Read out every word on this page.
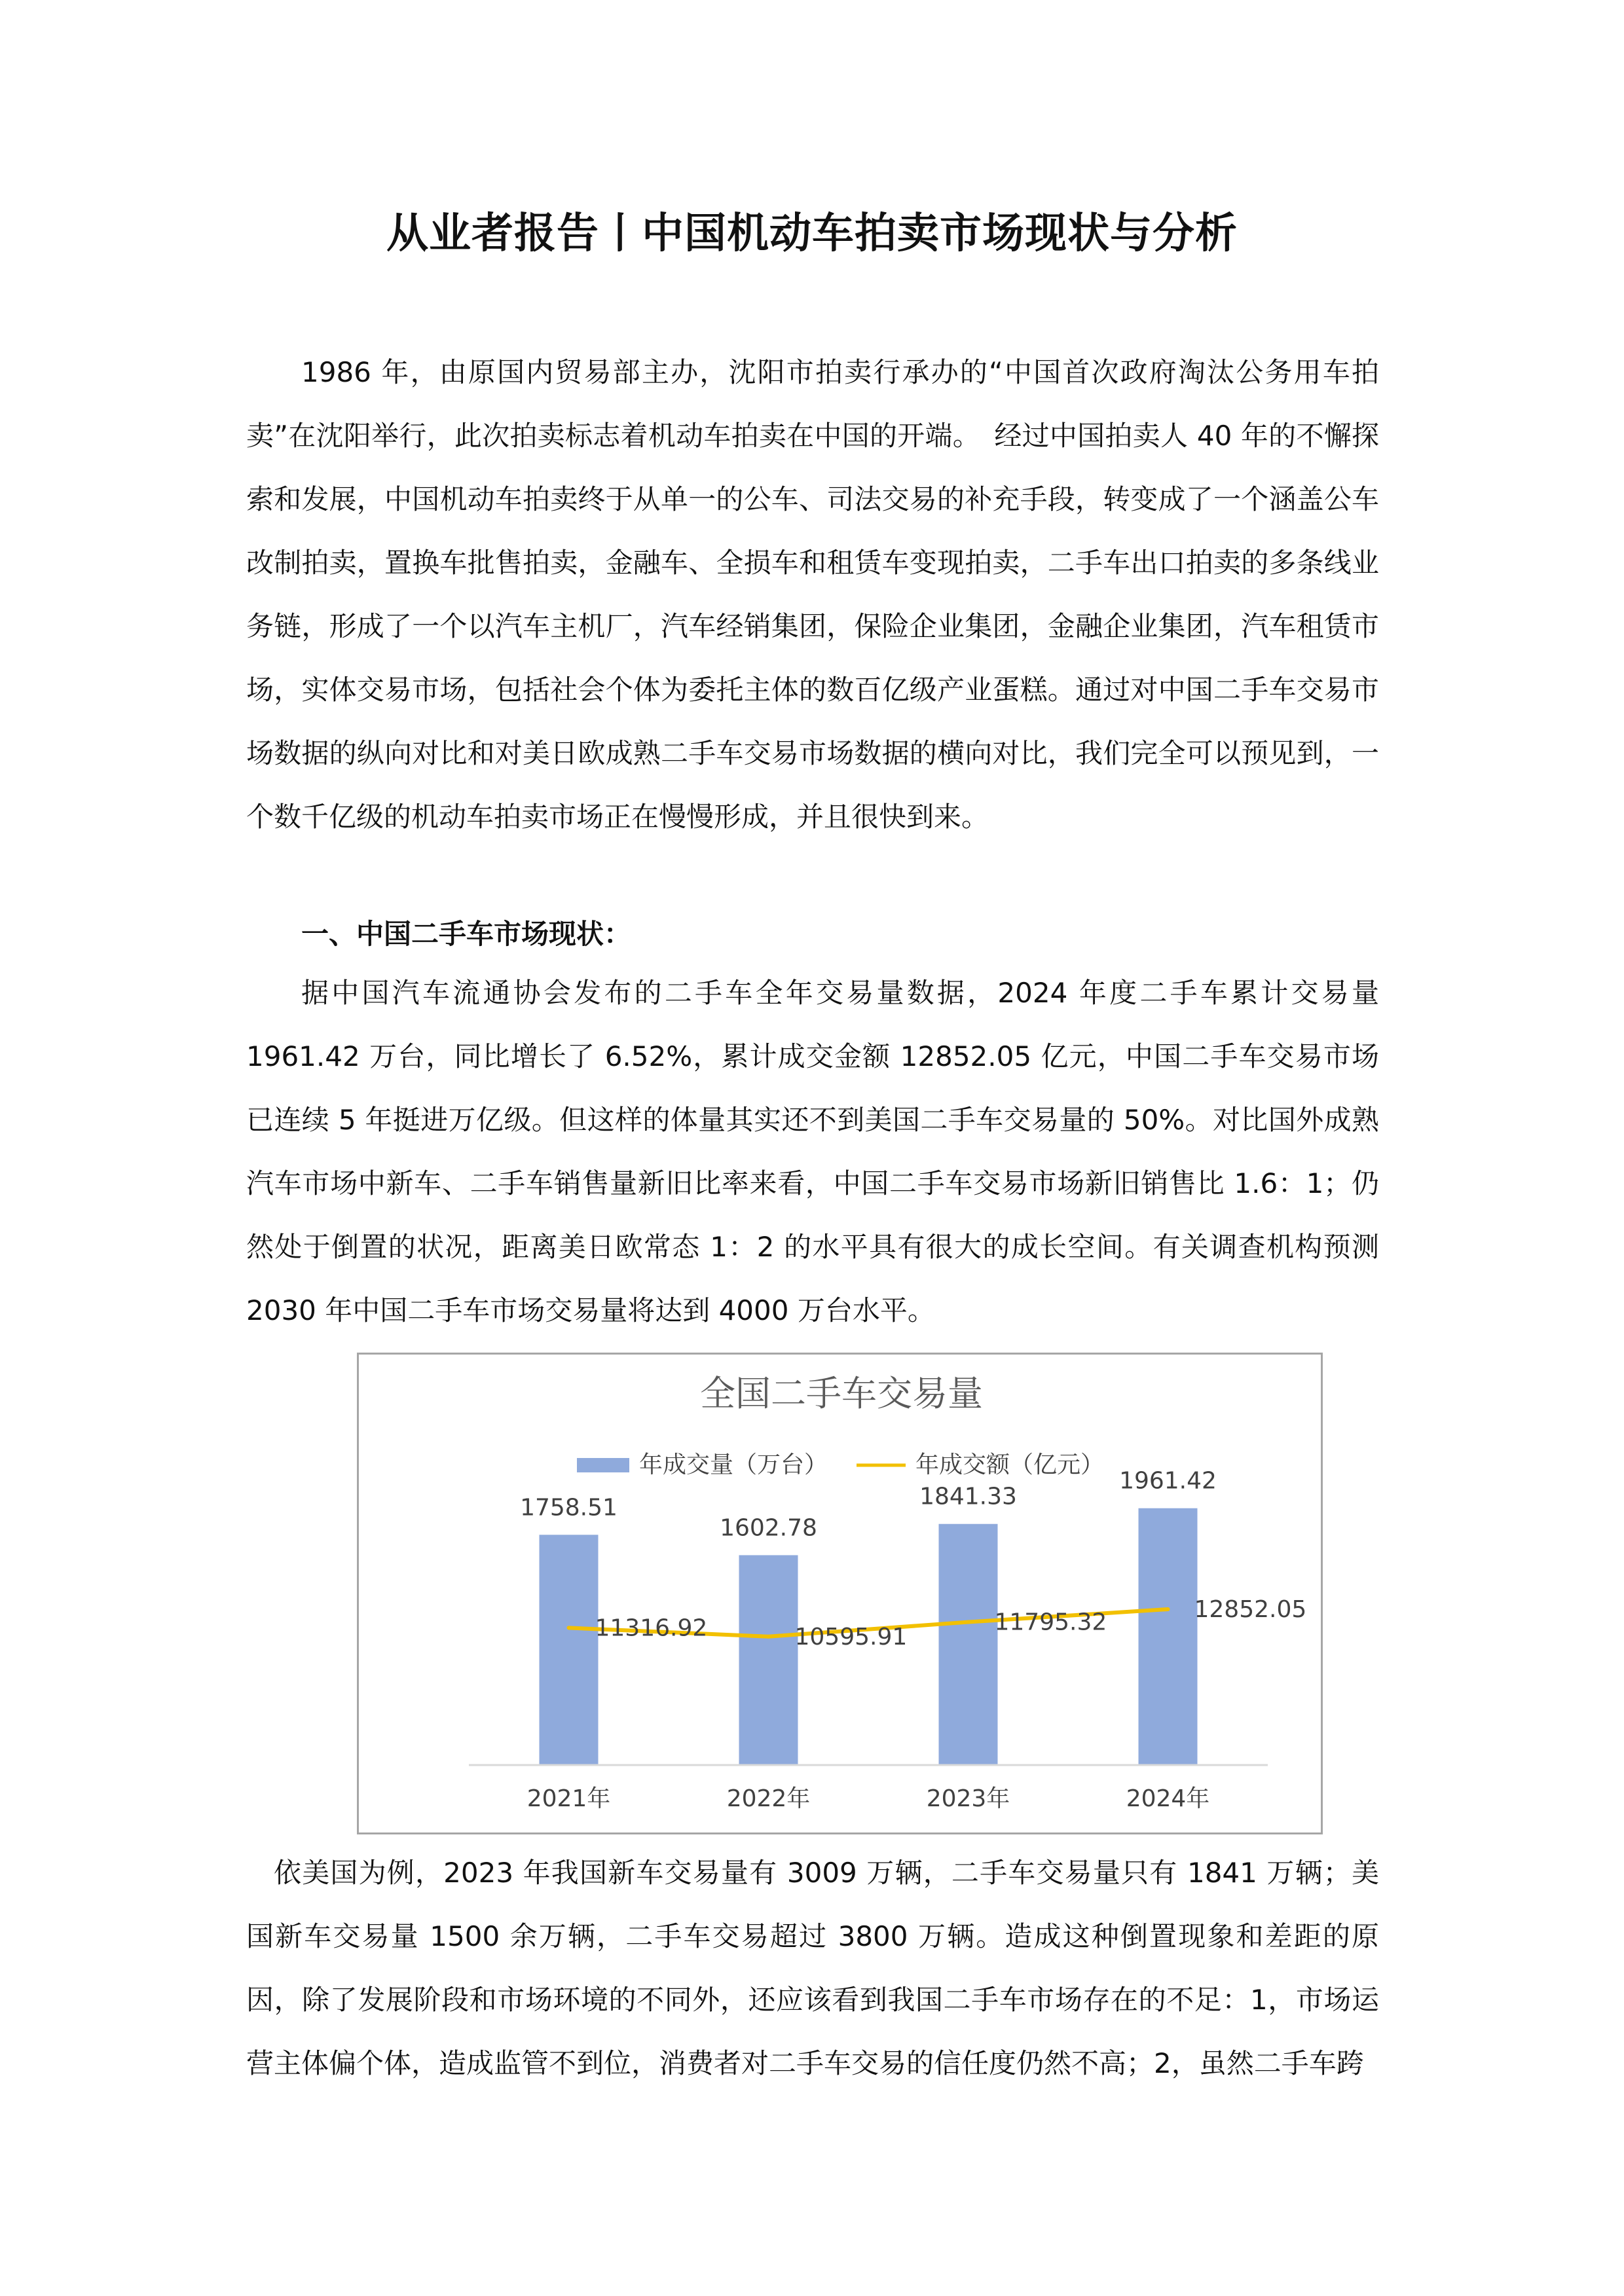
从业者报告丨中国机动车拍卖市场现状与分析

1986 年，由原国内贸易部主办，沈阳市拍卖行承办的“中国首次政府淘汰公务用车拍卖”在沈阳举行，此次拍卖标志着机动车拍卖在中国的开端。　经过中国拍卖人 40 年的不懈探索和发展，中国机动车拍卖终于从单一的公车、司法交易的补充手段，转变成了一个涵盖公车改制拍卖，置换车批售拍卖，金融车、全损车和租赁车变现拍卖，二手车出口拍卖的多条线业务链，形成了一个以汽车主机厂，汽车经销集团，保险企业集团，金融企业集团，汽车租赁市场，实体交易市场，包括社会个体为委托主体的数百亿级产业蛋糕。通过对中国二手车交易市场数据的纵向对比和对美日欧成熟二手车交易市场数据的横向对比，我们完全可以预见到，一个数千亿级的机动车拍卖市场正在慢慢形成，并且很快到来。

一、中国二手车市场现状：

据中国汽车流通协会发布的二手车全年交易量数据，2024 年度二手车累计交易量 1961.42 万台，同比增长了 6.52%，累计成交金额 12852.05 亿元，中国二手车交易市场已连续 5 年挺进万亿级。但这样的体量其实还不到美国二手车交易量的 50%。对比国外成熟汽车市场中新车、二手车销售量新旧比率来看，中国二手车交易市场新旧销售比 1.6：1；仍然处于倒置的状况，距离美日欧常态 1：2 的水平具有很大的成长空间。有关调查机构预测 2030 年中国二手车市场交易量将达到 4000 万台水平。

全国二手车交易量
年成交量（万台）	年成交额（亿元）
1758.51
1602.78
1841.33
1961.42
11316.92	10595.91
11795.32	12852.05
2021年	2022年	2023年	2024年

依美国为例，2023 年我国新车交易量有 3009 万辆，二手车交易量只有 1841 万辆；美国新车交易量 1500 余万辆，二手车交易超过 3800 万辆。造成这种倒置现象和差距的原因，除了发展阶段和市场环境的不同外，还应该看到我国二手车市场存在的不足：1，市场运营主体偏个体，造成监管不到位，消费者对二手车交易的信任度仍然不高；2，虽然二手车跨
